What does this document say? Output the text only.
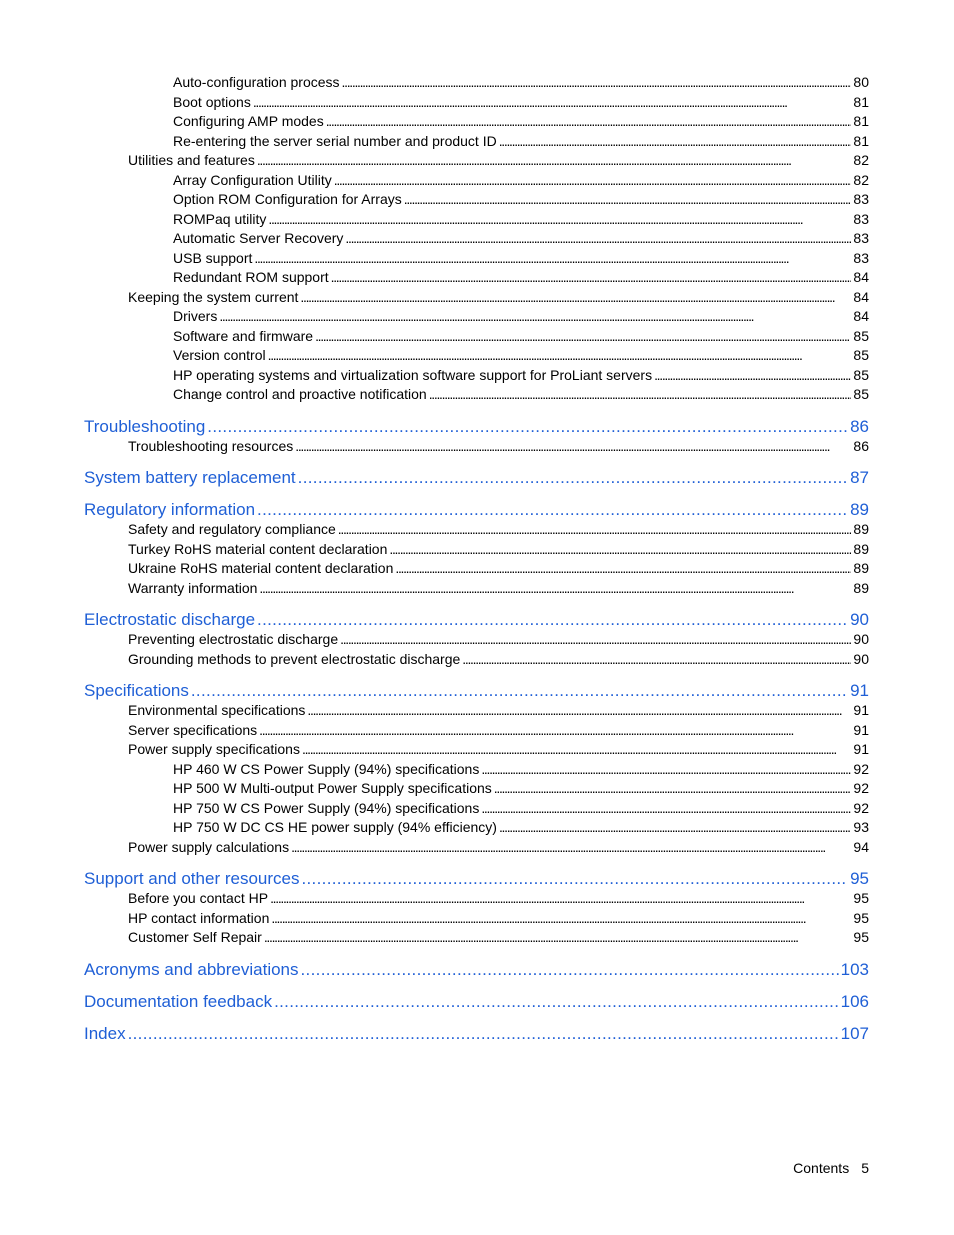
Auto-configuration process . . .	80
Boot options . . .	81
Configuring AMP modes . . .	81
Re-entering the server serial number and product ID . . .	81
Utilities and features . . .	82
Array Configuration Utility . . .	82
Option ROM Configuration for Arrays . . .	83
ROMPaq utility . . .	83
Automatic Server Recovery . . .	83
USB support . . .	83
Redundant ROM support . . .	84
Keeping the system current . . .	84
Drivers . . .	84
Software and firmware . . .	85
Version control . . .	85
HP operating systems and virtualization software support for ProLiant servers . . .	85
Change control and proactive notification . . .	85
Troubleshooting . . .	86
Troubleshooting resources . . .	86
System battery replacement . . .	87
Regulatory information . . .	89
Safety and regulatory compliance . . .	89
Turkey RoHS material content declaration . . .	89
Ukraine RoHS material content declaration . . .	89
Warranty information . . .	89
Electrostatic discharge . . .	90
Preventing electrostatic discharge . . .	90
Grounding methods to prevent electrostatic discharge . . .	90
Specifications . . .	91
Environmental specifications . . .	91
Server specifications . . .	91
Power supply specifications . . .	91
HP 460 W CS Power Supply (94%) specifications . . .	92
HP 500 W Multi-output Power Supply specifications . . .	92
HP 750 W CS Power Supply (94%) specifications . . .	92
HP 750 W DC CS HE power supply (94% efficiency) . . .	93
Power supply calculations . . .	94
Support and other resources . . .	95
Before you contact HP . . .	95
HP contact information . . .	95
Customer Self Repair . . .	95
Acronyms and abbreviations . . .	103
Documentation feedback . . .	106
Index . . .	107
Contents 5
